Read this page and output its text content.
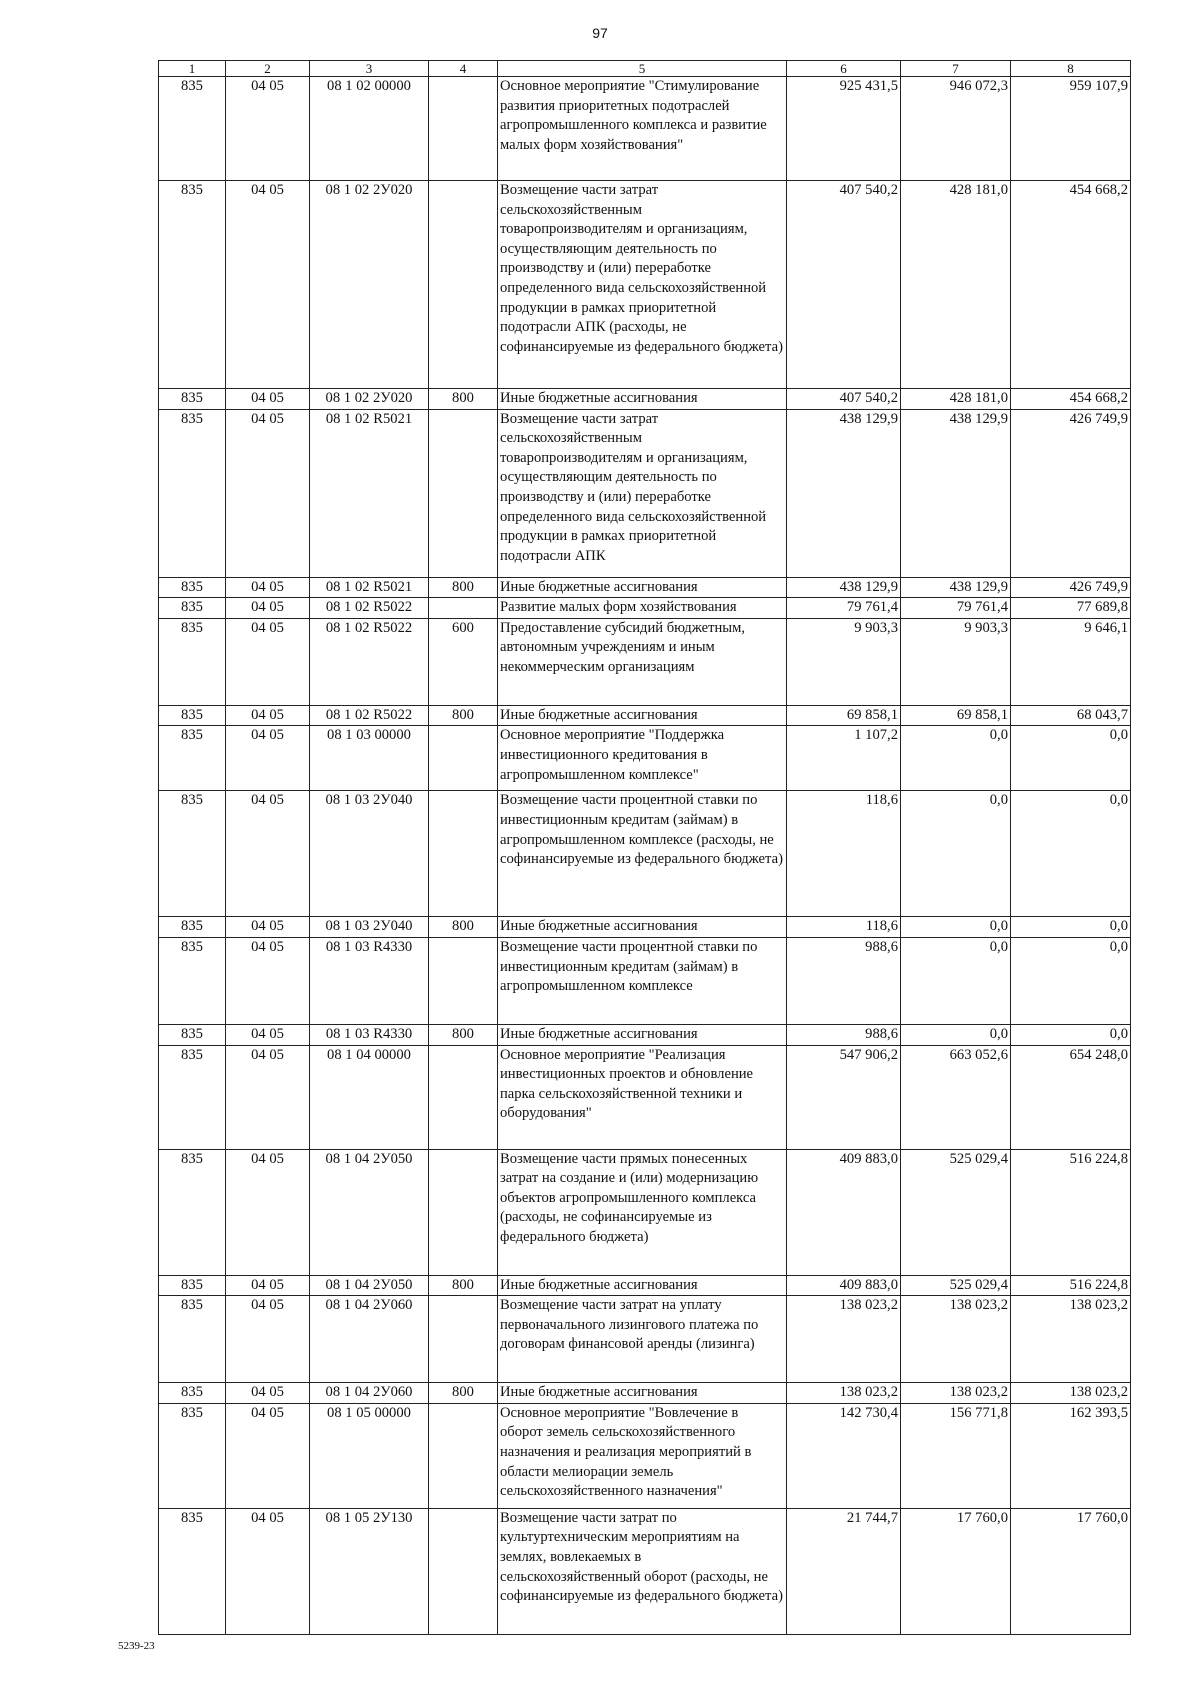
97
1	2	3	4	5	6	7	8
835	04 05	08 1 02 00000		Основное мероприятие "Стимулирование развития приоритетных подотраслей агропромышленного комплекса и развитие малых форм хозяйствования"	925 431,5	946 072,3	959 107,9
835	04 05	08 1 02 2У020		Возмещение части затрат сельскохозяйственным товаропроизводителям и организациям, осуществляющим деятельность по производству и (или) переработке определенного вида сельскохозяйственной продукции в рамках приоритетной подотрасли АПК (расходы, не софинансируемые из федерального бюджета)	407 540,2	428 181,0	454 668,2
835	04 05	08 1 02 2У020	800	Иные бюджетные ассигнования	407 540,2	428 181,0	454 668,2
835	04 05	08 1 02 R5021		Возмещение части затрат сельскохозяйственным товаропроизводителям и организациям, осуществляющим деятельность по производству и (или) переработке определенного вида сельскохозяйственной продукции в рамках приоритетной подотрасли АПК	438 129,9	438 129,9	426 749,9
835	04 05	08 1 02 R5021	800	Иные бюджетные ассигнования	438 129,9	438 129,9	426 749,9
835	04 05	08 1 02 R5022		Развитие малых форм хозяйствования	79 761,4	79 761,4	77 689,8
835	04 05	08 1 02 R5022	600	Предоставление субсидий бюджетным, автономным учреждениям и иным некоммерческим организациям	9 903,3	9 903,3	9 646,1
835	04 05	08 1 02 R5022	800	Иные бюджетные ассигнования	69 858,1	69 858,1	68 043,7
835	04 05	08 1 03 00000		Основное мероприятие "Поддержка инвестиционного кредитования в агропромышленном комплексе"	1 107,2	0,0	0,0
835	04 05	08 1 03 2У040		Возмещение части процентной ставки по инвестиционным кредитам (займам) в агропромышленном комплексе (расходы, не софинансируемые из федерального бюджета)	118,6	0,0	0,0
835	04 05	08 1 03 2У040	800	Иные бюджетные ассигнования	118,6	0,0	0,0
835	04 05	08 1 03 R4330		Возмещение части процентной ставки по инвестиционным кредитам (займам) в агропромышленном комплексе	988,6	0,0	0,0
835	04 05	08 1 03 R4330	800	Иные бюджетные ассигнования	988,6	0,0	0,0
835	04 05	08 1 04 00000		Основное мероприятие "Реализация инвестиционных проектов и обновление парка сельскохозяйственной техники и оборудования"	547 906,2	663 052,6	654 248,0
835	04 05	08 1 04 2У050		Возмещение части прямых понесенных затрат на создание и (или) модернизацию объектов агропромышленного комплекса (расходы, не софинансируемые из федерального бюджета)	409 883,0	525 029,4	516 224,8
835	04 05	08 1 04 2У050	800	Иные бюджетные ассигнования	409 883,0	525 029,4	516 224,8
835	04 05	08 1 04 2У060		Возмещение части затрат на уплату первоначального лизингового платежа по договорам финансовой аренды (лизинга)	138 023,2	138 023,2	138 023,2
835	04 05	08 1 04 2У060	800	Иные бюджетные ассигнования	138 023,2	138 023,2	138 023,2
835	04 05	08 1 05 00000		Основное мероприятие "Вовлечение в оборот земель сельскохозяйственного назначения и реализация мероприятий в области мелиорации земель сельскохозяйственного назначения"	142 730,4	156 771,8	162 393,5
835	04 05	08 1 05 2У130		Возмещение части затрат по культуртехническим мероприятиям на землях, вовлекаемых в сельскохозяйственный оборот (расходы, не софинансируемые из федерального бюджета)	21 744,7	17 760,0	17 760,0
5239-23
